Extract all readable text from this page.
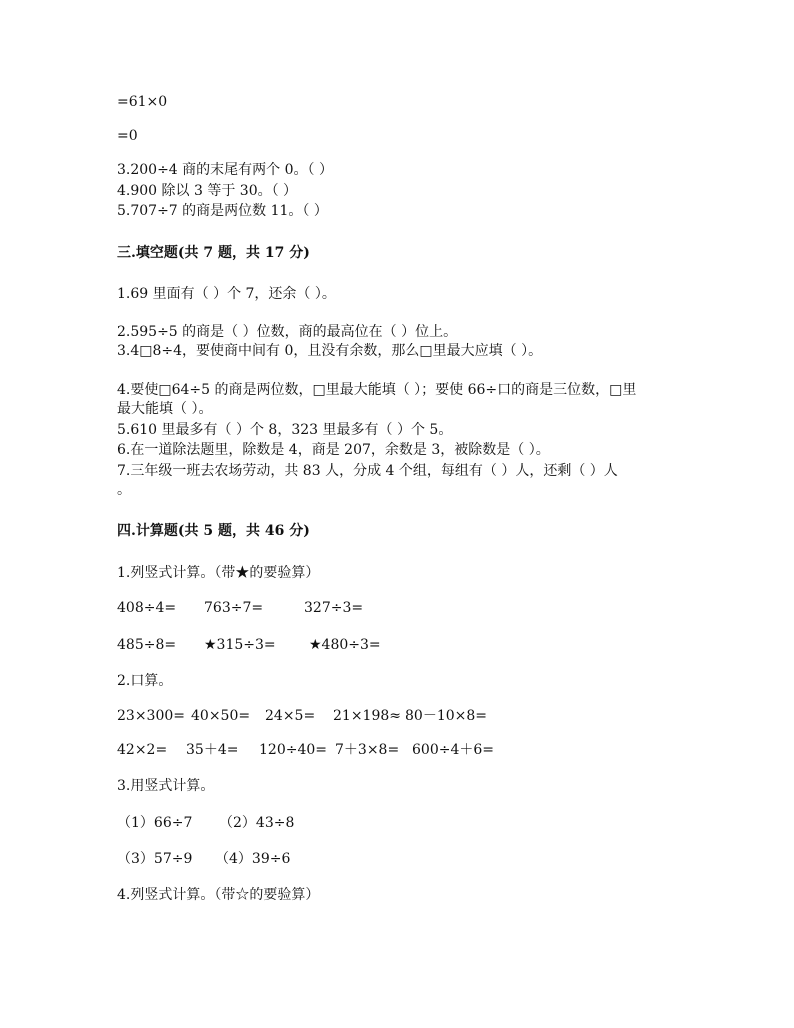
=61×0
=0
3.200÷4 商的末尾有两个 0。（ ）
4.900 除以 3 等于 30。（ ）
5.707÷7 的商是两位数 11。（ ）
三.填空题(共 7 题，共 17 分)
1.69 里面有（ ）个 7，还余（ ）。
2.595÷5 的商是（ ）位数，商的最高位在（ ）位上。
3.4□8÷4，要使商中间有 0，且没有余数，那么□里最大应填（ ）。
4.要使□64÷5 的商是两位数，□里最大能填（ ）；要使 66÷口的商是三位数，□里
最大能填（ ）。
5.610 里最多有（ ）个 8，323 里最多有（ ）个 5。
6.在一道除法题里，除数是 4，商是 207，余数是 3，被除数是（ ）。
7.三年级一班去农场劳动，共 83 人，分成 4 个组，每组有（ ）人，还剩（ ）人
。
四.计算题(共 5 题，共 46 分)
1.列竖式计算。（带★的要验算）
408÷4= 763÷7=	327÷3=
485÷8= ★315÷3= ★480÷3=
2.口算。
23×300= 40×50= 24×5= 21×198≈ 80－10×8=
42×2= 35＋4= 120÷40= 7＋3×8= 600÷4＋6=
3.用竖式计算。
（1）66÷7 （2）43÷8
（3）57÷9 （4）39÷6
4.列竖式计算。（带☆的要验算）
